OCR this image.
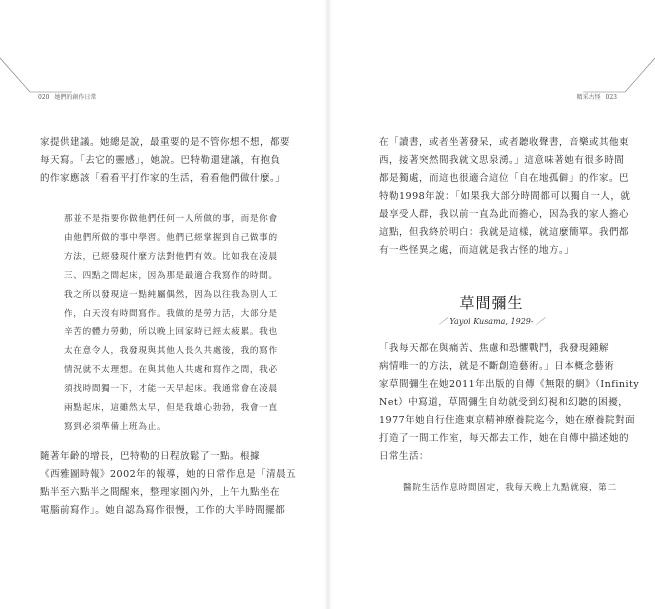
020 她們的創作日常

家提供建議。她總是說，最重要的是不管你想不想，都要

每天寫。「去它的靈感」，她說。巴特勒還建議，有抱負

的作家應該「看看平打作家的生活，看看他們做什麼。」

那並不是指要你做他們任何一人所做的事，而是你會

由他們所做的事中學習。他們已經掌握到自己做事的

方法，已經發現什麼方法對他們有效。比如我在凌晨

三、四點之間起床，因為那是最適合我寫作的時間。

我之所以發現這一點純屬偶然，因為以往我為別人工

作，白天沒有時間寫作。我做的是勞力活，大部分是

辛苦的體力勞動，所以晚上回家時已經太疲累。我也

太在意令人，我發現與其他人長久共處後，我的寫作

情況就不太理想。在與其他人共處和寫作之間，我必

須找時間獨一下，才能一天早起床。我通常會在凌晨

兩點起床，這雖然太早，但是我雄心勃勃，我會一直

寫到必須準備上班為止。

隨著年齡的增長，巴特勒的日程放鬆了一點。根據

《西雅圖時報》2002年的報導，她的日常作息是「清晨五

點半至六點半之間醒來，整理家園內外，上午九點坐在

電腦前寫作」。她自認為寫作很慢，工作的大半時間擺都

精采古怪 023

在「讀書，或者坐著發呆，或者聽收聲書，音樂或其他東

西，接著突然間我就文思泉湧。」這意味著她有很多時間

都是獨處，而這也很適合這位「自在地孤僻」的作家。巴

特勒1998年說：「如果我大部分時間都可以獨自一人，就

最享受人群，我以前一直為此而擔心，因為我的家人擔心

這點，但我終於明白：我就是這樣，就這麼簡單。我們都

有一些怪異之處，而這就是我古怪的地方。」

草間彌生
／ Yayoi Kusama, 1929- ／

「我每天都在與痛苦、焦慮和恐懼戰鬥，我發現鍾解

病情唯一的方法，就是不斷創造藝術。」日本概念藝術

家草間彌生在她2011年出版的自傳《無限的網》（Infinity

Net）中寫道，草間彌生自幼就受到幻視和幻聽的困擾，

1977年她自行住進東京精神療養院迄今，她在療養院對面

打造了一間工作室，每天都去工作，她在自傳中描述她的

日常生活：

醫院生活作息時間固定，我每天晚上九點就寢，第二
